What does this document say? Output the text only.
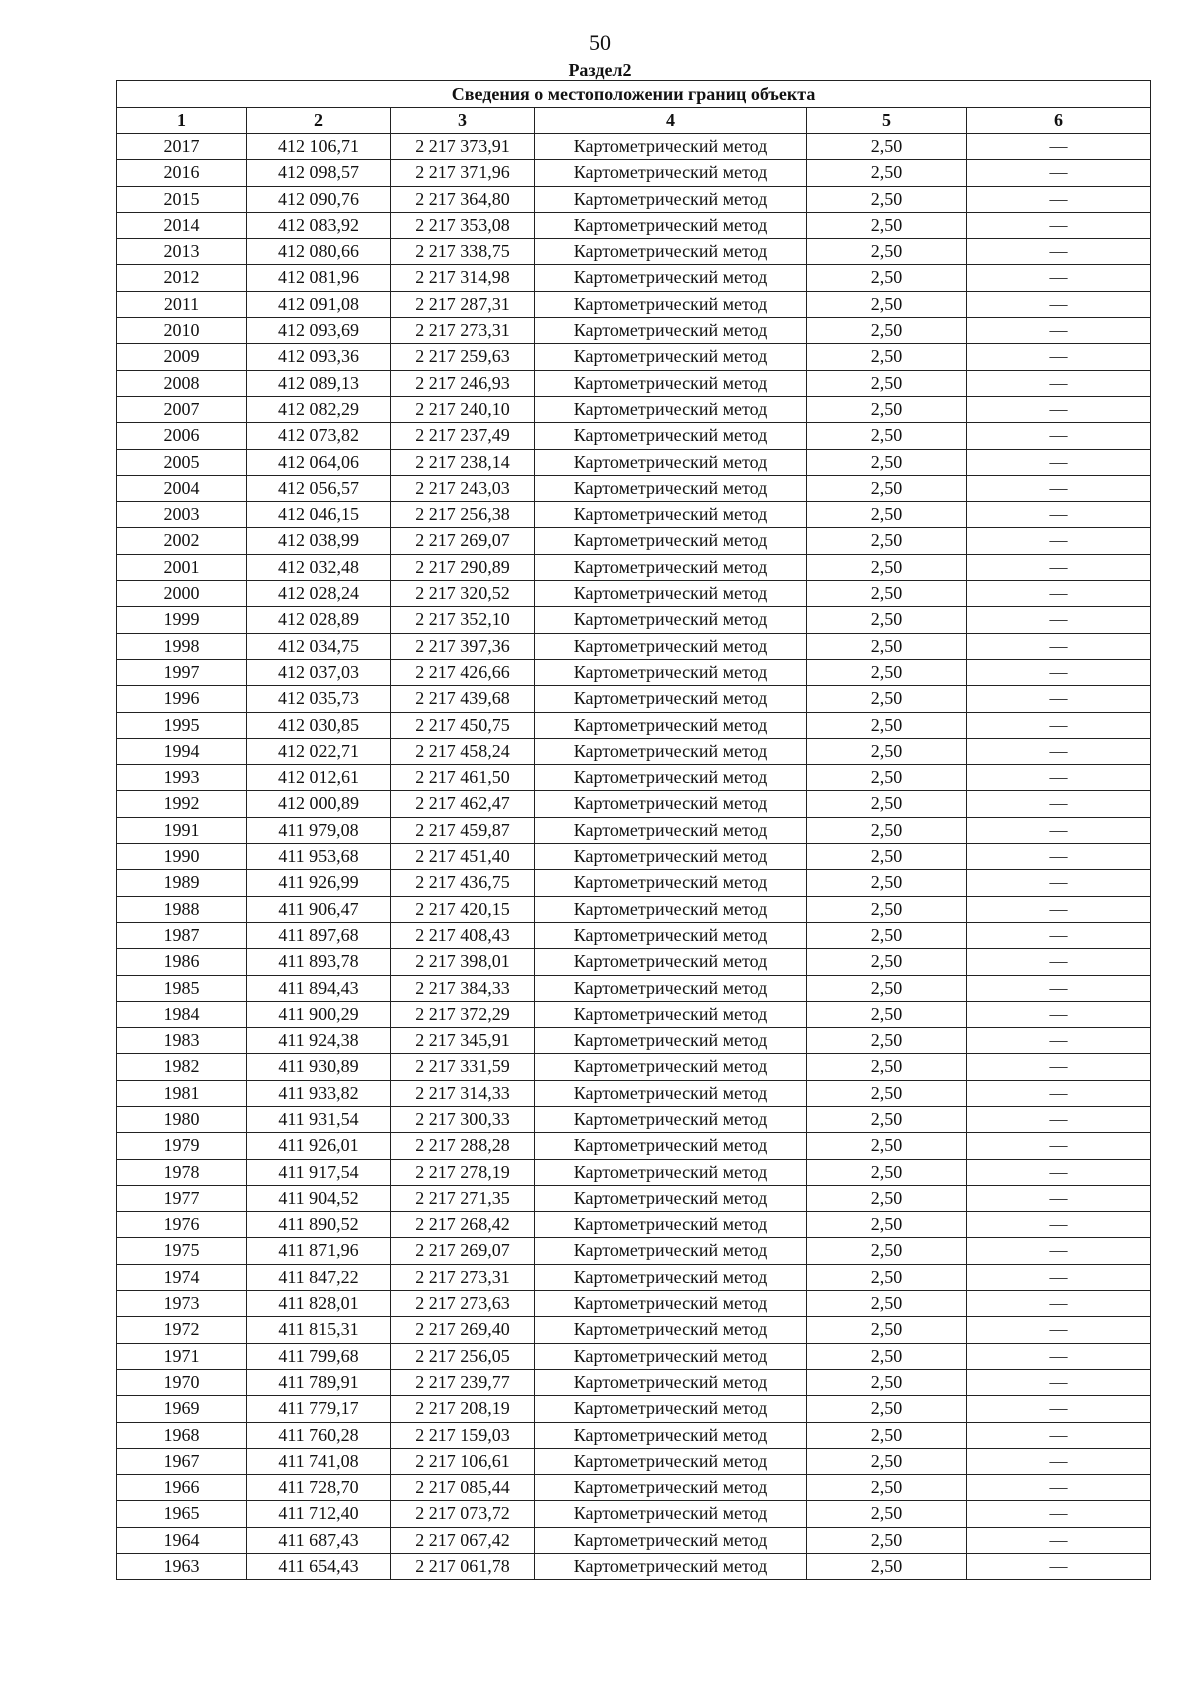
50
Раздел2
Сведения о местоположении границ объекта					
1	2	3	4	5	6
2017	412 106,71	2 217 373,91	Картометрический метод	2,50	—
2016	412 098,57	2 217 371,96	Картометрический метод	2,50	—
2015	412 090,76	2 217 364,80	Картометрический метод	2,50	—
2014	412 083,92	2 217 353,08	Картометрический метод	2,50	—
2013	412 080,66	2 217 338,75	Картометрический метод	2,50	—
2012	412 081,96	2 217 314,98	Картометрический метод	2,50	—
2011	412 091,08	2 217 287,31	Картометрический метод	2,50	—
2010	412 093,69	2 217 273,31	Картометрический метод	2,50	—
2009	412 093,36	2 217 259,63	Картометрический метод	2,50	—
2008	412 089,13	2 217 246,93	Картометрический метод	2,50	—
2007	412 082,29	2 217 240,10	Картометрический метод	2,50	—
2006	412 073,82	2 217 237,49	Картометрический метод	2,50	—
2005	412 064,06	2 217 238,14	Картометрический метод	2,50	—
2004	412 056,57	2 217 243,03	Картометрический метод	2,50	—
2003	412 046,15	2 217 256,38	Картометрический метод	2,50	—
2002	412 038,99	2 217 269,07	Картометрический метод	2,50	—
2001	412 032,48	2 217 290,89	Картометрический метод	2,50	—
2000	412 028,24	2 217 320,52	Картометрический метод	2,50	—
1999	412 028,89	2 217 352,10	Картометрический метод	2,50	—
1998	412 034,75	2 217 397,36	Картометрический метод	2,50	—
1997	412 037,03	2 217 426,66	Картометрический метод	2,50	—
1996	412 035,73	2 217 439,68	Картометрический метод	2,50	—
1995	412 030,85	2 217 450,75	Картометрический метод	2,50	—
1994	412 022,71	2 217 458,24	Картометрический метод	2,50	—
1993	412 012,61	2 217 461,50	Картометрический метод	2,50	—
1992	412 000,89	2 217 462,47	Картометрический метод	2,50	—
1991	411 979,08	2 217 459,87	Картометрический метод	2,50	—
1990	411 953,68	2 217 451,40	Картометрический метод	2,50	—
1989	411 926,99	2 217 436,75	Картометрический метод	2,50	—
1988	411 906,47	2 217 420,15	Картометрический метод	2,50	—
1987	411 897,68	2 217 408,43	Картометрический метод	2,50	—
1986	411 893,78	2 217 398,01	Картометрический метод	2,50	—
1985	411 894,43	2 217 384,33	Картометрический метод	2,50	—
1984	411 900,29	2 217 372,29	Картометрический метод	2,50	—
1983	411 924,38	2 217 345,91	Картометрический метод	2,50	—
1982	411 930,89	2 217 331,59	Картометрический метод	2,50	—
1981	411 933,82	2 217 314,33	Картометрический метод	2,50	—
1980	411 931,54	2 217 300,33	Картометрический метод	2,50	—
1979	411 926,01	2 217 288,28	Картометрический метод	2,50	—
1978	411 917,54	2 217 278,19	Картометрический метод	2,50	—
1977	411 904,52	2 217 271,35	Картометрический метод	2,50	—
1976	411 890,52	2 217 268,42	Картометрический метод	2,50	—
1975	411 871,96	2 217 269,07	Картометрический метод	2,50	—
1974	411 847,22	2 217 273,31	Картометрический метод	2,50	—
1973	411 828,01	2 217 273,63	Картометрический метод	2,50	—
1972	411 815,31	2 217 269,40	Картометрический метод	2,50	—
1971	411 799,68	2 217 256,05	Картометрический метод	2,50	—
1970	411 789,91	2 217 239,77	Картометрический метод	2,50	—
1969	411 779,17	2 217 208,19	Картометрический метод	2,50	—
1968	411 760,28	2 217 159,03	Картометрический метод	2,50	—
1967	411 741,08	2 217 106,61	Картометрический метод	2,50	—
1966	411 728,70	2 217 085,44	Картометрический метод	2,50	—
1965	411 712,40	2 217 073,72	Картометрический метод	2,50	—
1964	411 687,43	2 217 067,42	Картометрический метод	2,50	—
1963	411 654,43	2 217 061,78	Картометрический метод	2,50	—
